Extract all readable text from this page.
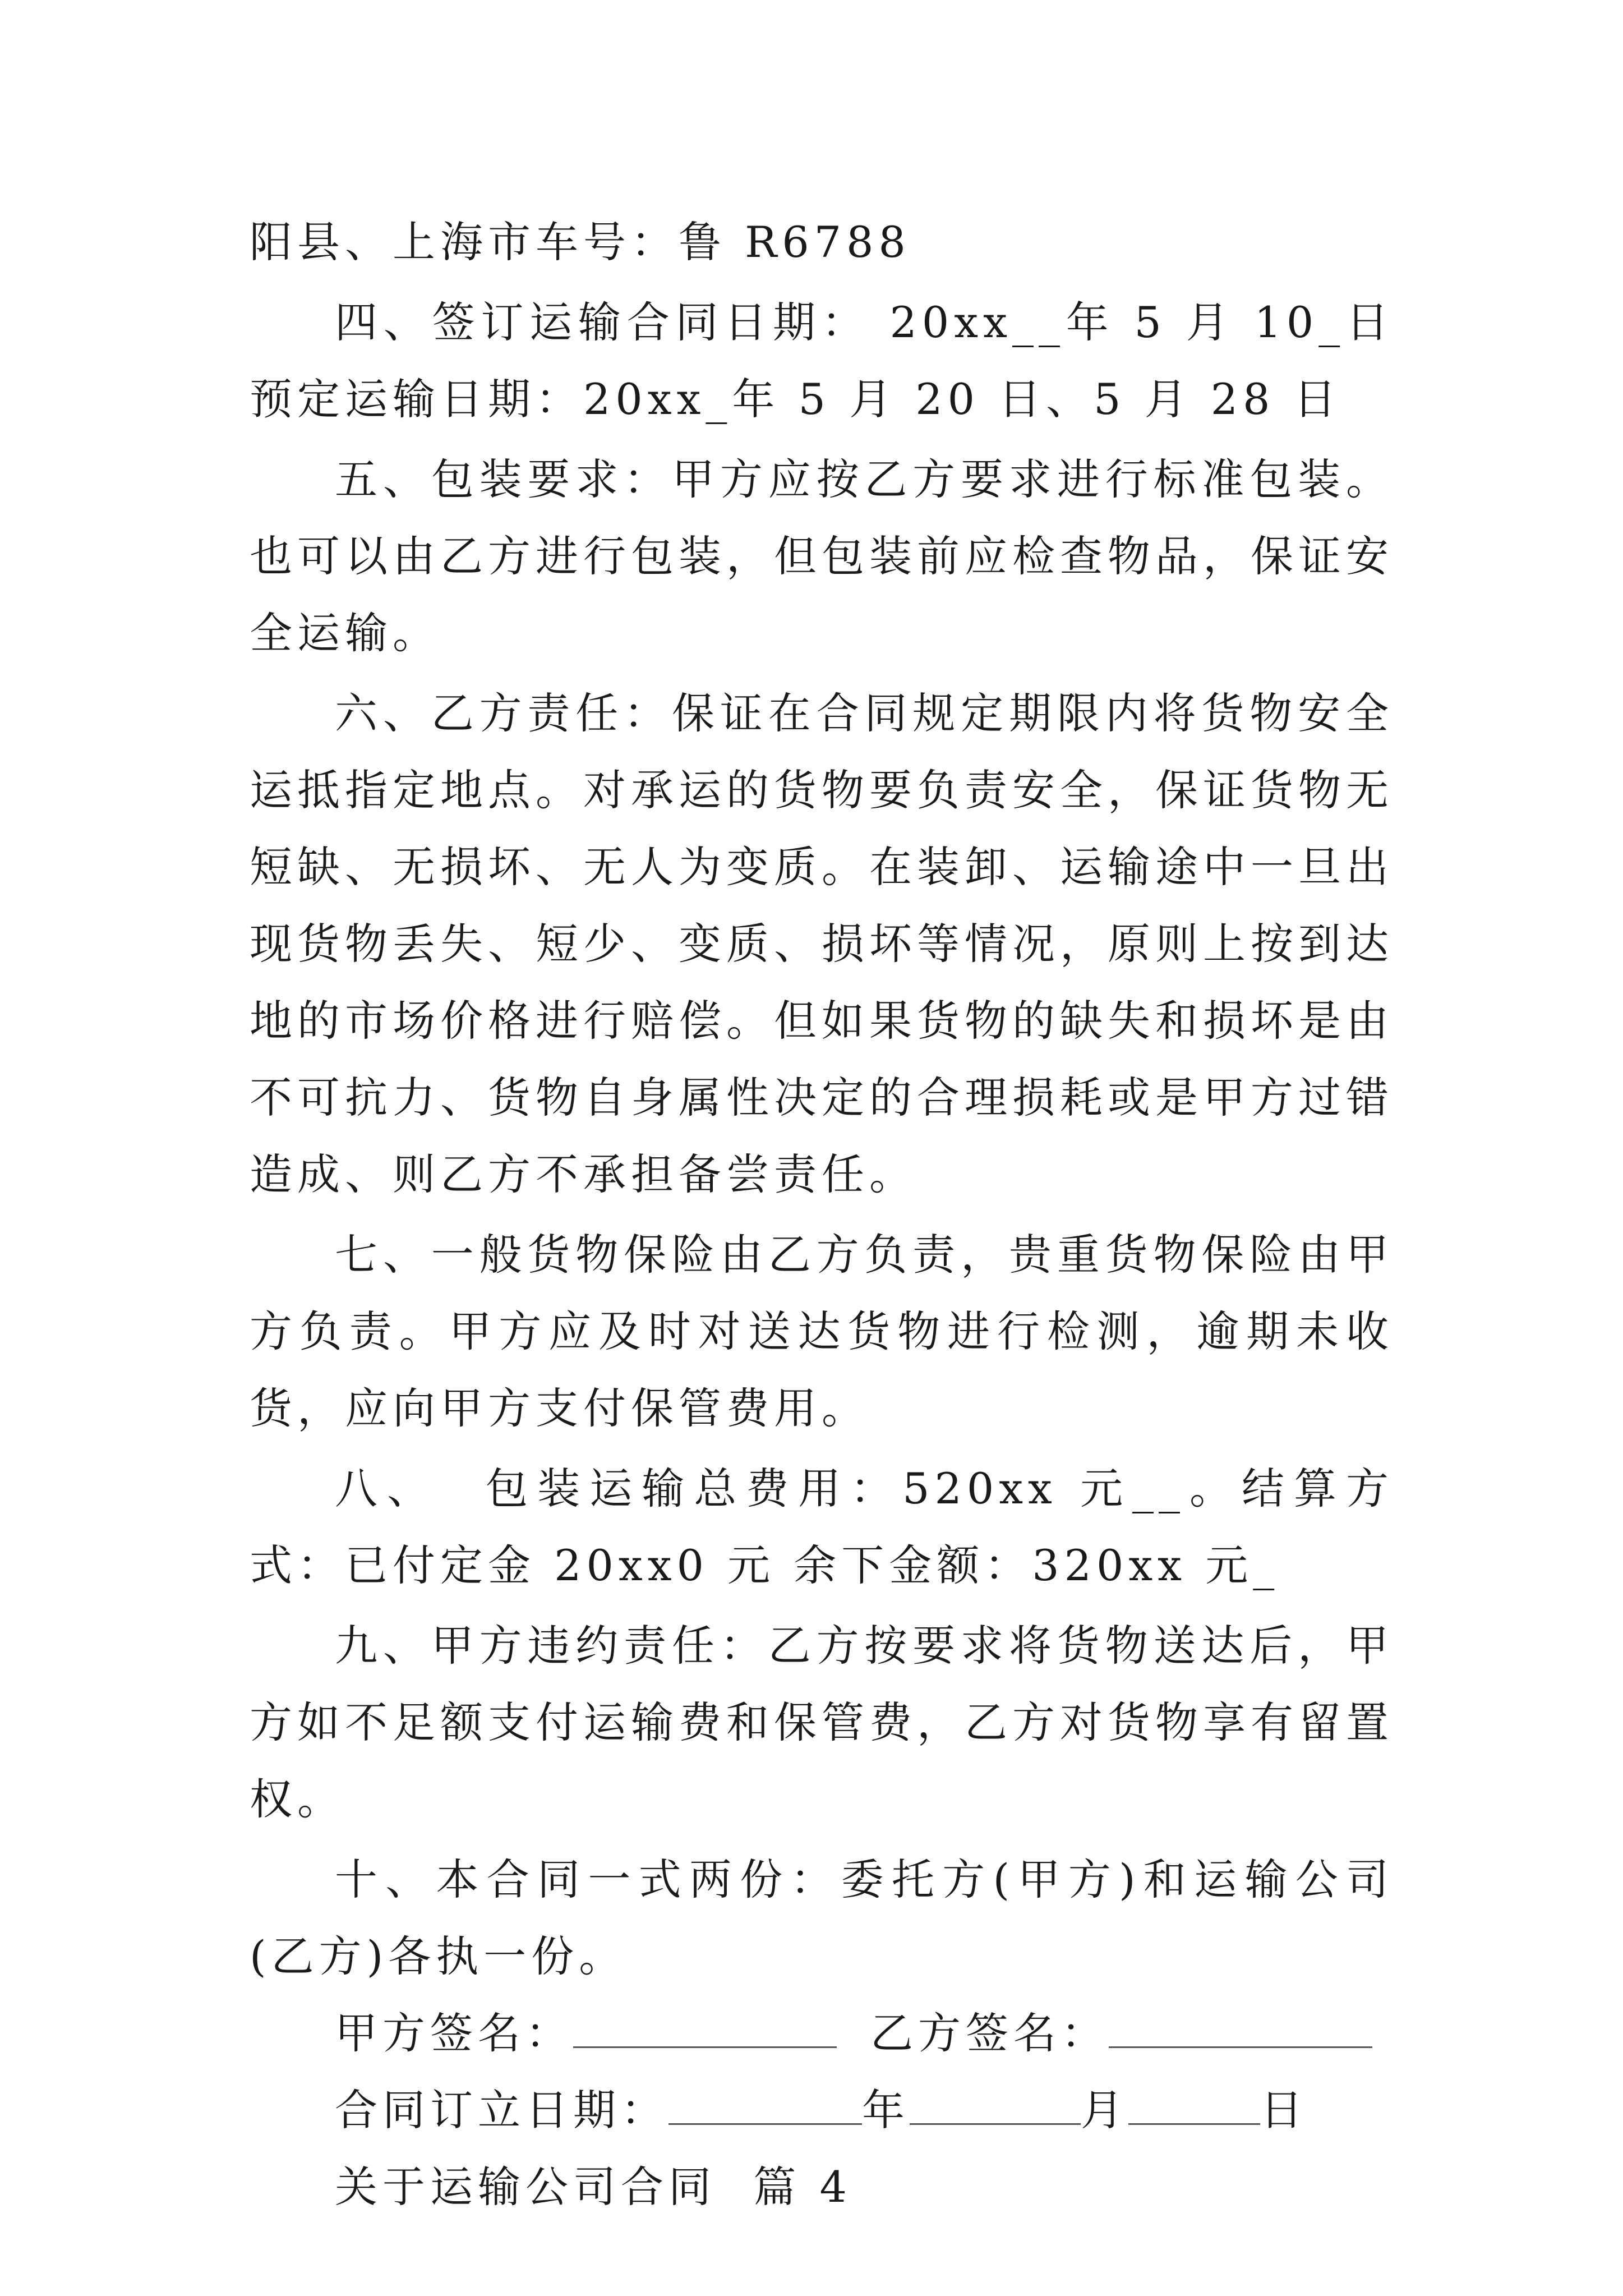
阳县、上海市车号：鲁 R6788

四、签订运输合同日期： 20xx__年 5 月 10_日预定运输日期：20xx_年 5 月 20 日、5 月 28 日

五、包装要求：甲方应按乙方要求进行标准包装。也可以由乙方进行包装，但包装前应检查物品，保证安全运输。

六、乙方责任：保证在合同规定期限内将货物安全运抵指定地点。对承运的货物要负责安全，保证货物无短缺、无损坏、无人为变质。在装卸、运输途中一旦出现货物丢失、短少、变质、损坏等情况，原则上按到达地的市场价格进行赔偿。但如果货物的缺失和损坏是由不可抗力、货物自身属性决定的合理损耗或是甲方过错造成、则乙方不承担备尝责任。

七、一般货物保险由乙方负责，贵重货物保险由甲方负责。甲方应及时对送达货物进行检测，逾期未收货，应向甲方支付保管费用。

八、  包装运输总费用：520xx 元__。结算方式：已付定金 20xx0 元 余下金额：320xx 元_

九、甲方违约责任：乙方按要求将货物送达后，甲方如不足额支付运输费和保管费，乙方对货物享有留置权。

十、本合同一式两份：委托方(甲方)和运输公司(乙方)各执一份。

甲方签名：	乙方签名：

合同订立日期：	年	月	日

关于运输公司合同  篇 4
